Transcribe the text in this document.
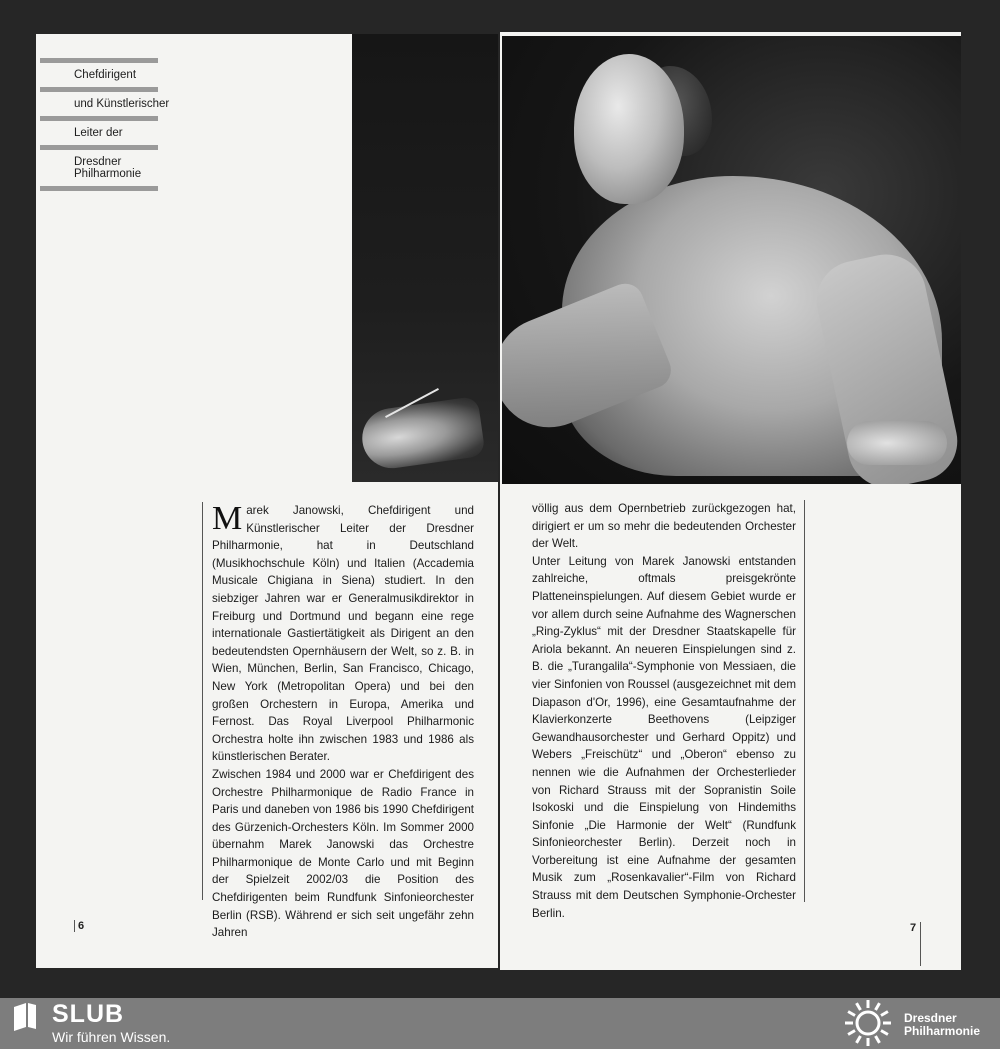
Chefdirigent
und Künstlerischer
Leiter der
Dresdner Philharmonie

Marek Janowski, Chefdirigent und Künstlerischer Leiter der Dresdner Philharmonie, hat in Deutschland (Musikhochschule Köln) und Italien (Accademia Musicale Chigiana in Siena) studiert. In den siebziger Jahren war er Generalmusikdirektor in Freiburg und Dortmund und begann eine rege internationale Gastiertätigkeit als Dirigent an den bedeutendsten Opernhäusern der Welt, so z. B. in Wien, München, Berlin, San Francisco, Chicago, New York (Metropolitan Opera) und bei den großen Orchestern in Europa, Amerika und Fernost. Das Royal Liverpool Philharmonic Orchestra holte ihn zwischen 1983 und 1986 als künstlerischen Berater.

Zwischen 1984 und 2000 war er Chefdirigent des Orchestre Philharmonique de Radio France in Paris und daneben von 1986 bis 1990 Chefdirigent des Gürzenich-Orchesters Köln. Im Sommer 2000 übernahm Marek Janowski das Orchestre Philharmonique de Monte Carlo und mit Beginn der Spielzeit 2002/03 die Position des Chefdirigenten beim Rundfunk Sinfonieorchester Berlin (RSB). Während er sich seit ungefähr zehn Jahren

6

völlig aus dem Opernbetrieb zurückgezogen hat, dirigiert er um so mehr die bedeutenden Orchester der Welt.

Unter Leitung von Marek Janowski entstanden zahlreiche, oftmals preisgekrönte Platteneinspielungen. Auf diesem Gebiet wurde er vor allem durch seine Aufnahme des Wagnerschen „Ring-Zyklus“ mit der Dresdner Staatskapelle für Ariola bekannt. An neueren Einspielungen sind z. B. die „Turangalila“-Symphonie von Messiaen, die vier Sinfonien von Roussel (ausgezeichnet mit dem Diapason d'Or, 1996), eine Gesamtaufnahme der Klavierkonzerte Beethovens (Leipziger Gewandhausorchester und Gerhard Oppitz) und Webers „Freischütz“ und „Oberon“ ebenso zu nennen wie die Aufnahmen der Orchesterlieder von Richard Strauss mit der Sopranistin Soile Isokoski und die Einspielung von Hindemiths Sinfonie „Die Harmonie der Welt“ (Rundfunk Sinfonieorchester Berlin). Derzeit noch in Vorbereitung ist eine Aufnahme der gesamten Musik zum „Rosenkavalier“-Film von Richard Strauss mit dem Deutschen Symphonie-Orchester Berlin.

7
SLUB
Wir führen Wissen.
Dresdner
Philharmonie
